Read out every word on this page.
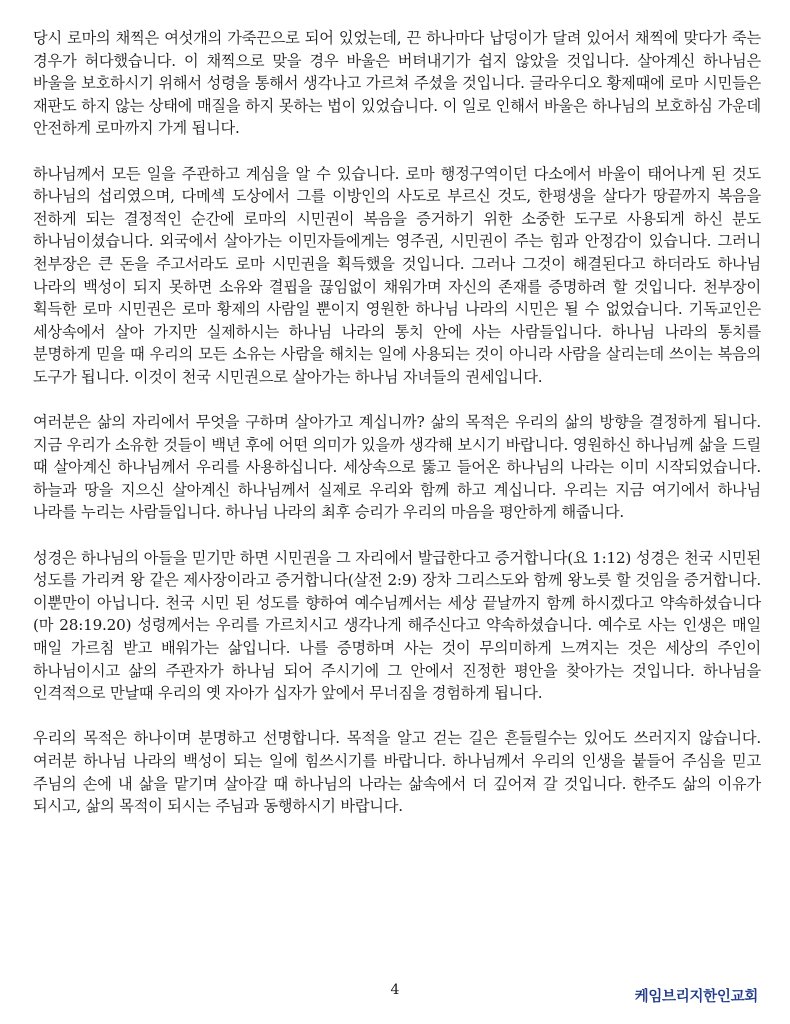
당시 로마의 채찍은 여섯개의 가죽끈으로 되어 있었는데, 끈 하나마다 납덩이가 달려 있어서 채찍에 맞다가 죽는 경우가 허다했습니다. 이 채찍으로 맞을 경우 바울은 버텨내기가 쉽지 않았을 것입니다. 살아계신 하나님은 바울을 보호하시기 위해서 성령을 통해서 생각나고 가르쳐 주셨을 것입니다. 글라우디오 황제때에 로마 시민들은 재판도 하지 않는 상태에 매질을 하지 못하는 법이 있었습니다. 이 일로 인해서 바울은 하나님의 보호하심 가운데 안전하게 로마까지 가게 됩니다.

하나님께서 모든 일을 주관하고 계심을 알 수 있습니다. 로마 행정구역이던 다소에서 바울이 태어나게 된 것도 하나님의 섭리였으며, 다메섹 도상에서 그를 이방인의 사도로 부르신 것도, 한평생을 살다가 땅끝까지 복음을 전하게 되는 결정적인 순간에 로마의 시민권이 복음을 증거하기 위한 소중한 도구로 사용되게 하신 분도 하나님이셨습니다. 외국에서 살아가는 이민자들에게는 영주권, 시민권이 주는 힘과 안정감이 있습니다. 그러니 천부장은 큰 돈을 주고서라도 로마 시민권을 획득했을 것입니다. 그러나 그것이 해결된다고 하더라도 하나님 나라의 백성이 되지 못하면 소유와 결핍을 끊임없이 채워가며 자신의 존재를 증명하려 할 것입니다. 천부장이 획득한 로마 시민권은 로마 황제의 사람일 뿐이지 영원한 하나님 나라의 시민은 될 수 없었습니다. 기독교인은 세상속에서 살아 가지만 실제하시는 하나님 나라의 통치 안에 사는 사람들입니다. 하나님 나라의 통치를 분명하게 믿을 때 우리의 모든 소유는 사람을 해치는 일에 사용되는 것이 아니라 사람을 살리는데 쓰이는 복음의 도구가 됩니다. 이것이 천국 시민권으로 살아가는 하나님 자녀들의 권세입니다.

여러분은 삶의 자리에서 무엇을 구하며 살아가고 계십니까? 삶의 목적은 우리의 삶의 방향을 결정하게 됩니다. 지금 우리가 소유한 것들이 백년 후에 어떤 의미가 있을까 생각해 보시기 바랍니다. 영원하신 하나님께 삶을 드릴 때 살아계신 하나님께서 우리를 사용하십니다. 세상속으로 뚫고 들어온 하나님의 나라는 이미 시작되었습니다. 하늘과 땅을 지으신 살아계신 하나님께서 실제로 우리와 함께 하고 계십니다. 우리는 지금 여기에서 하나님 나라를 누리는 사람들입니다. 하나님 나라의 최후 승리가 우리의 마음을 평안하게 해줍니다.

성경은 하나님의 아들을 믿기만 하면 시민권을 그 자리에서 발급한다고 증거합니다(요 1:12) 성경은 천국 시민된 성도를 가리켜 왕 같은 제사장이라고 증거합니다(살전 2:9) 장차 그리스도와 함께 왕노릇 할 것임을 증거합니다. 이뿐만이 아닙니다. 천국 시민 된 성도를 향하여 예수님께서는 세상 끝날까지 함께 하시겠다고 약속하셨습니다 (마 28:19.20) 성령께서는 우리를 가르치시고 생각나게 해주신다고 약속하셨습니다. 예수로 사는 인생은 매일 매일 가르침 받고 배워가는 삶입니다. 나를 증명하며 사는 것이 무의미하게 느껴지는 것은 세상의 주인이 하나님이시고 삶의 주관자가 하나님 되어 주시기에 그 안에서 진정한 평안을 찾아가는 것입니다. 하나님을 인격적으로 만날때 우리의 옛 자아가 십자가 앞에서 무너짐을 경험하게 됩니다.

우리의 목적은 하나이며 분명하고 선명합니다. 목적을 알고 걷는 길은 흔들릴수는 있어도 쓰러지지 않습니다. 여러분 하나님 나라의 백성이 되는 일에 힘쓰시기를 바랍니다. 하나님께서 우리의 인생을 붙들어 주심을 믿고 주님의 손에 내 삶을 맡기며 살아갈 때 하나님의 나라는 삶속에서 더 깊어져 갈 것입니다. 한주도 삶의 이유가 되시고, 삶의 목적이 되시는 주님과 동행하시기 바랍니다.

4	케임브리지한인교회
